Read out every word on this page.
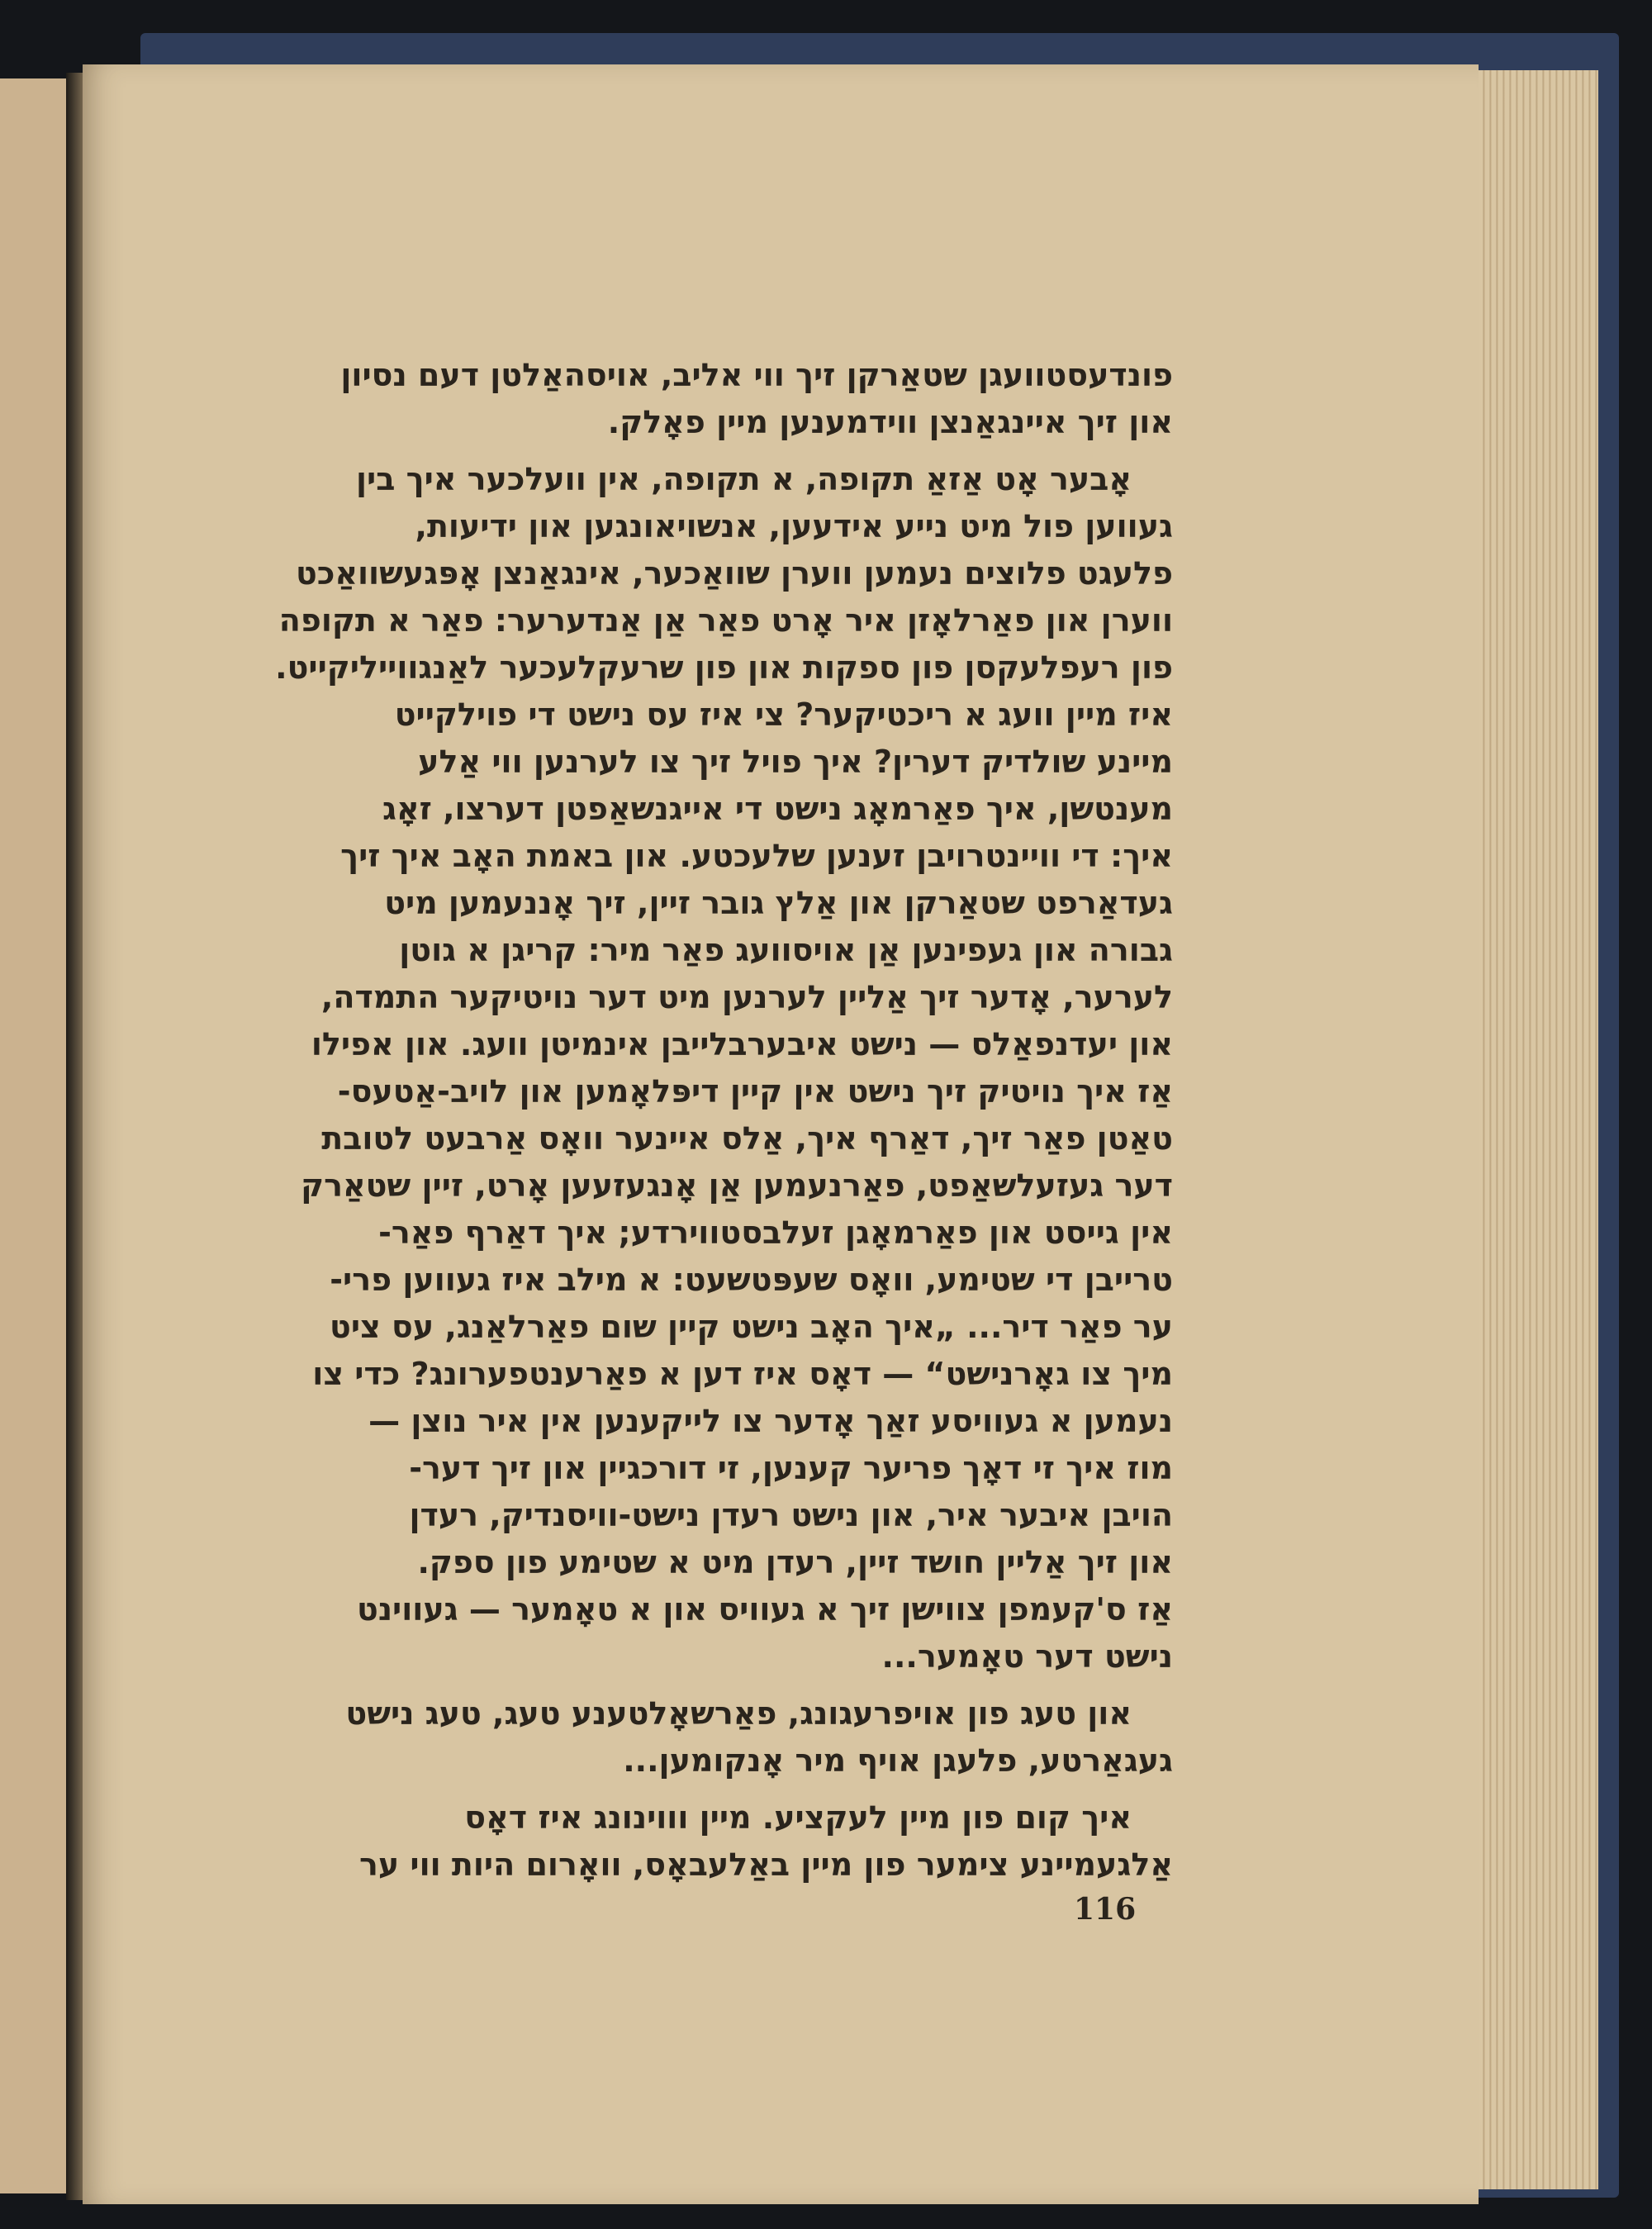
פונדעסטוועגן שטאַרקן זיך ווי אליב, אויסהאַלטן דעם נסיון
און זיך איינגאַנצן ווידמענען מיין פאָלק.
אָבער אָט אַזאַ תקופה, א תקופה, אין וועלכער איך בין
געווען פול מיט נייע אידעען, אנשויאונגען און ידיעות,
פלעגט פלוצים נעמען ווערן שוואַכער, אינגאַנצן אָפּגעשוואַכט
ווערן און פאַרלאָזן איר אָרט פאַר אַן אַנדערער: פאַר א תקופה
פון רעפלעקסן פון ספקות און פון שרעקלעכער לאַנגווייליקייט.
איז מיין וועג א ריכטיקער? צי איז עס נישט די פוילקייט
מיינע שולדיק דערין? איך פויל זיך צו לערנען ווי אַלע
מענטשן, איך פאַרמאָג נישט די אייגנשאַפטן דערצו, זאָג
איך: די וויינטרויבן זענען שלעכטע. און באמת האָב איך זיך
געדאַרפט שטאַרקן און אַלץ גובר זיין, זיך אָננעמען מיט
גבורה און געפינען אַן אויסוועג פאַר מיר: קריגן א גוטן
לערער, אָדער זיך אַליין לערנען מיט דער נויטיקער התמדה,
און יעדנפאַלס — נישט איבערבלייבן אינמיטן וועג. און אפילו
אַז איך נויטיק זיך נישט אין קיין דיפּלאָמען און לויב-אַטעס-
טאַטן פאַר זיך, דאַרף איך, אַלס איינער וואָס אַרבעט לטובת
דער געזעלשאַפט, פאַרנעמען אַן אָנגעזעען אָרט, זיין שטאַרק
אין גייסט און פאַרמאָגן זעלבסטווירדע; איך דאַרף פאַר-
טרייבן די שטימע, וואָס שעפּטשעט: א מילב איז געווען פרי-
ער פאַר דיר... „איך האָב נישט קיין שום פאַרלאַנג, עס ציט
מיך צו גאָרנישט“ — דאָס איז דען א פאַרענטפערונג? כדי צו
נעמען א געוויסע זאַך אָדער צו לייקענען אין איר נוצן —
מוז איך זי דאָך פריער קענען, זי דורכגיין און זיך דער-
הויבן איבער איר, און נישט רעדן נישט-וויסנדיק, רעדן
און זיך אַליין חושד זיין, רעדן מיט א שטימע פון ספק.
אַז ס'קעמפן צווישן זיך א געוויס און א טאָמער — געווינט
נישט דער טאָמער...
און טעג פון אויפרעגונג, פאַרשאָלטענע טעג, טעג נישט
געגאַרטע, פלעגן אויף מיר אָנקומען...
איך קום פון מיין לעקציע. מיין וווינונג איז דאָס
אַלגעמיינע צימער פון מיין באַלעבאָס, וואָרום היות ווי ער
116
